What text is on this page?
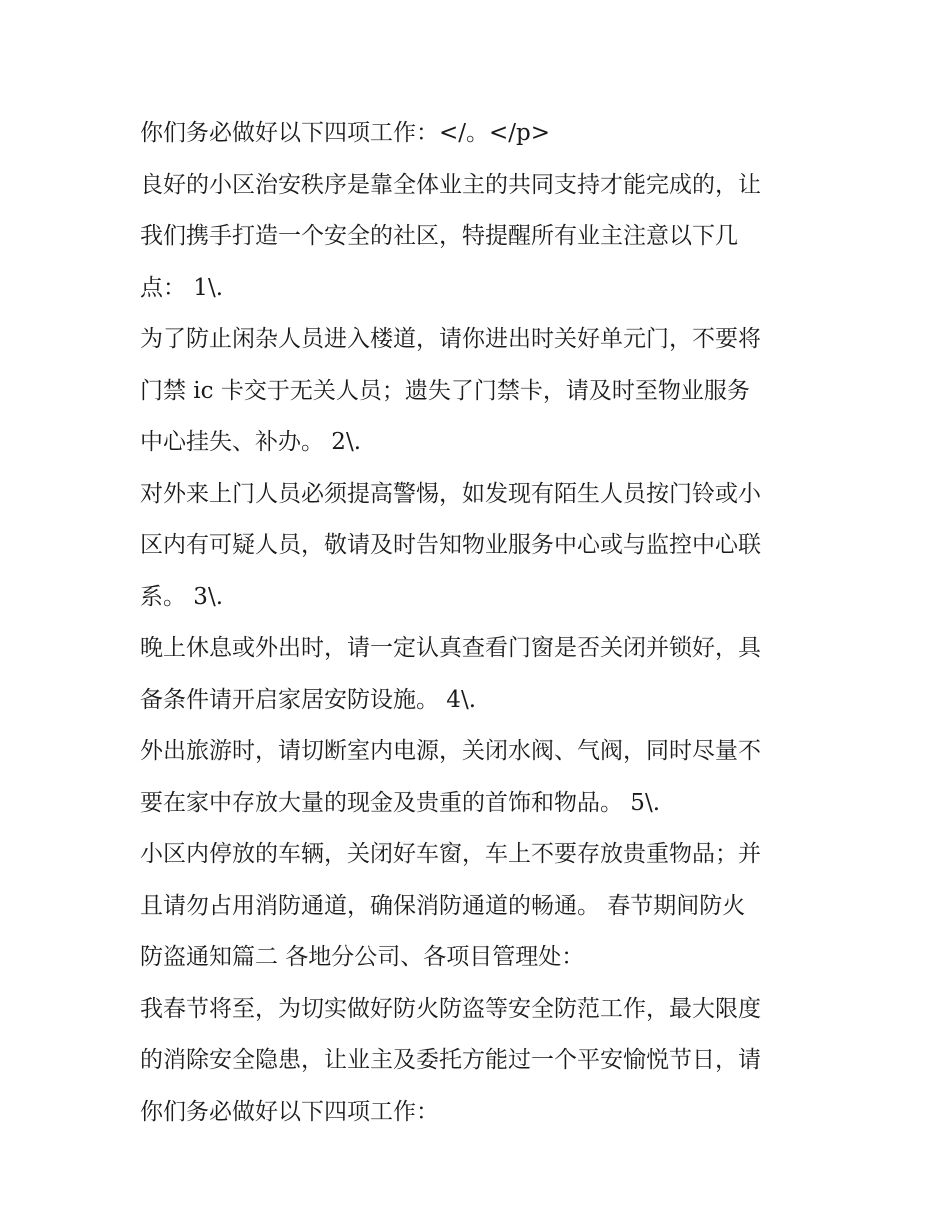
你们务必做好以下四项工作：</。</p>
良好的小区治安秩序是靠全体业主的共同支持才能完成的，让
我们携手打造一个安全的社区，特提醒所有业主注意以下几
点： 1\.
为了防止闲杂人员进入楼道，请你进出时关好单元门，不要将
门禁 ic 卡交于无关人员；遗失了门禁卡，请及时至物业服务
中心挂失、补办。 2\.
对外来上门人员必须提高警惕，如发现有陌生人员按门铃或小
区内有可疑人员，敬请及时告知物业服务中心或与监控中心联
系。 3\.
晚上休息或外出时，请一定认真查看门窗是否关闭并锁好，具
备条件请开启家居安防设施。 4\.
外出旅游时，请切断室内电源，关闭水阀、气阀，同时尽量不
要在家中存放大量的现金及贵重的首饰和物品。 5\.
小区内停放的车辆，关闭好车窗，车上不要存放贵重物品；并
且请勿占用消防通道，确保消防通道的畅通。 春节期间防火
防盗通知篇二 各地分公司、各项目管理处：
我春节将至，为切实做好防火防盗等安全防范工作，最大限度
的消除安全隐患，让业主及委托方能过一个平安愉悦节日，请
你们务必做好以下四项工作：
